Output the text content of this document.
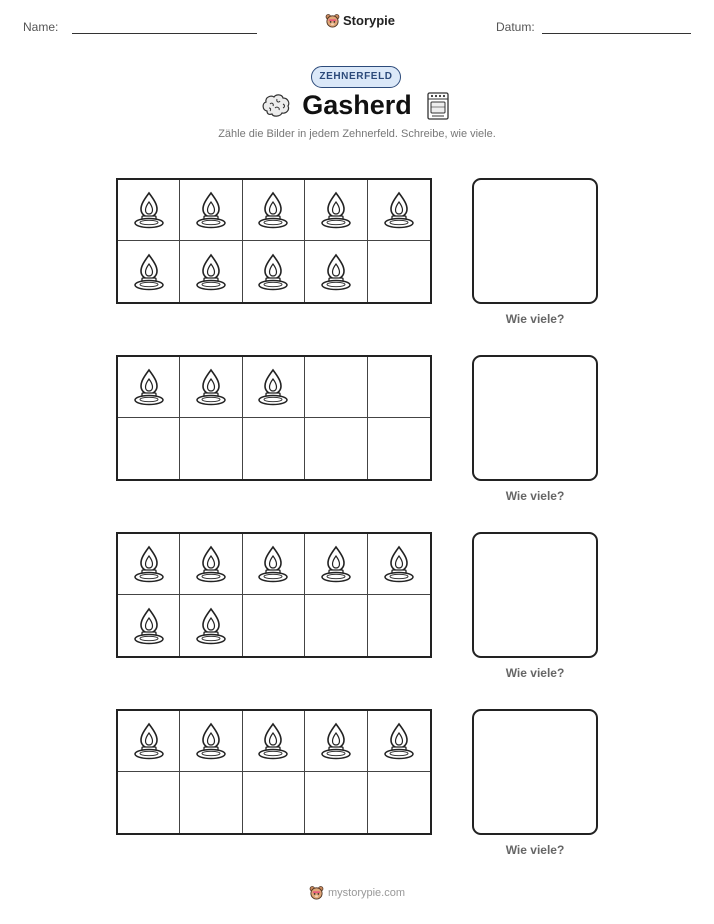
Name:	Storypie	Datum:
ZEHNERFELD
Gasherd
Zähle die Bilder in jedem Zehnerfeld. Schreibe, wie viele.
Wie viele?
Wie viele?
Wie viele?
Wie viele?
mystorypie.com
